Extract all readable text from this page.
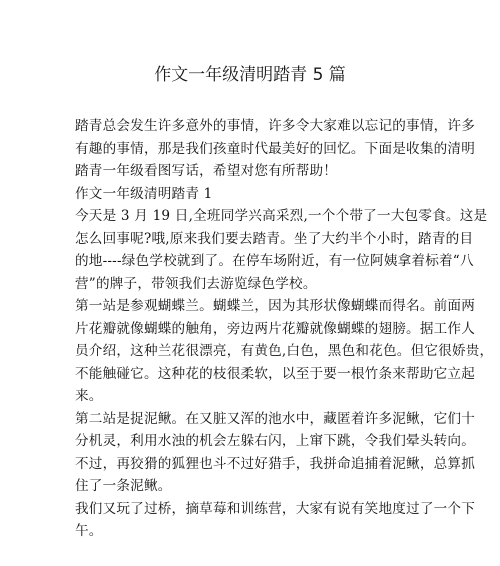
作文一年级清明踏青 5 篇
踏青总会发生许多意外的事情，许多令大家难以忘记的事情，许多
有趣的事情，那是我们孩童时代最美好的回忆。下面是收集的清明
踏青一年级看图写话，希望对您有所帮助！
作文一年级清明踏青 1
今天是 3 月 19 日,全班同学兴高采烈,一个个带了一大包零食。这是
怎么回事呢?哦,原来我们要去踏青。坐了大约半个小时，踏青的目
的地----绿色学校就到了。在停车场附近，有一位阿姨拿着标着“八
营”的牌子，带领我们去游览绿色学校。
第一站是参观蝴蝶兰。蝴蝶兰，因为其形状像蝴蝶而得名。前面两
片花瓣就像蝴蝶的触角，旁边两片花瓣就像蝴蝶的翅膀。据工作人
员介绍，这种兰花很漂亮，有黄色,白色，黑色和花色。但它很娇贵，
不能触碰它。这种花的枝很柔软，以至于要一根竹条来帮助它立起
来。
第二站是捉泥鳅。在又脏又浑的池水中，藏匿着许多泥鳅，它们十
分机灵，利用水浊的机会左躲右闪，上窜下跳，令我们晕头转向。
不过，再狡猾的狐狸也斗不过好猎手，我拼命追捕着泥鳅，总算抓
住了一条泥鳅。
我们又玩了过桥，摘草莓和训练营，大家有说有笑地度过了一个下
午。
